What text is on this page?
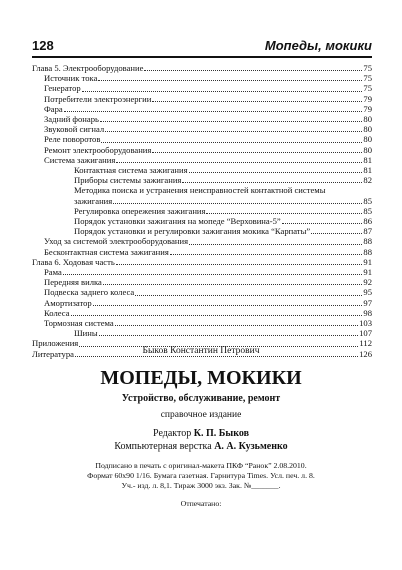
128	Мопеды, мокики
Глава 5. Электрооборудование	75
Источник тока	75
Генератор	75
Потребители электроэнергии	79
Фара	79
Задний фонарь	80
Звуковой сигнал	80
Реле поворотов	80
Ремонт электрооборудования	80
Система зажигания	81
Контактная система зажигания	81
Приборы системы зажигания	82
Методика поиска и устранения неисправностей контактной системы зажигания	85
Регулировка опережения зажигания	85
Порядок установки зажигания на мопеде “Верховина-5”	86
Порядок установки и регулировки зажигания мокика “Карпаты”	87
Уход за системой электрооборудования	88
Бесконтактная система зажигания	88
Глава 6. Ходовая часть	91
Рама	91
Передняя вилка	92
Подвеска заднего колеса	95
Амортизатор	97
Колеса	98
Тормозная система	103
Шины	107
Приложения	112
Литература	126
Быков Константин Петрович
МОПЕДЫ, МОКИКИ
Устройство, обслуживание, ремонт
справочное издание
Редактор К. П. Быков
Компьютерная верстка А. А. Кузьменко
Подписано в печать с оригинал-макета ПКФ “Ранок” 2.08.2010.
Формат 60х90 1/16. Бумага газетная. Гарнитура Times. Усл. печ. л. 8.
Уч.- изд. л. 8,1. Тираж 3000 экз. Зак. №_______.
Отпечатано:
